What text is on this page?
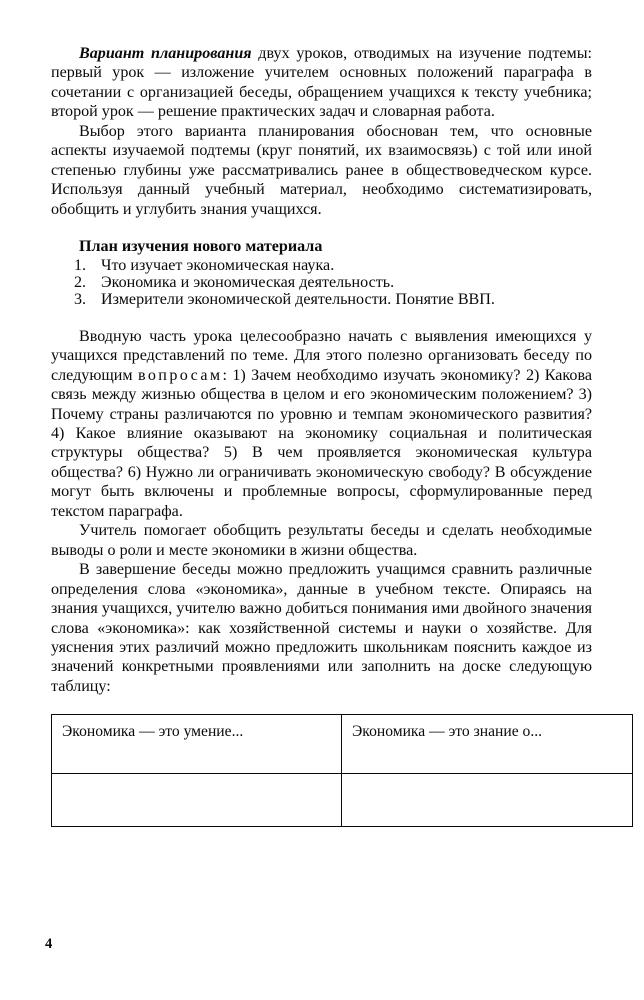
Вариант планирования двух уроков, отводимых на изучение подтемы: первый урок — изложение учителем основных положений параграфа в сочетании с организацией беседы, обращением учащихся к тексту учебника; второй урок — решение практических задач и словарная работа.

Выбор этого варианта планирования обоснован тем, что основные аспекты изучаемой подтемы (круг понятий, их взаимосвязь) с той или иной степенью глубины уже рассматривались ранее в обществоведческом курсе. Используя данный учебный материал, необходимо систематизировать, обобщить и углубить знания учащихся.

План изучения нового материала
1. Что изучает экономическая наука.
2. Экономика и экономическая деятельность.
3. Измерители экономической деятельности. Понятие ВВП.

Вводную часть урока целесообразно начать с выявления имеющихся у учащихся представлений по теме. Для этого полезно организовать беседу по следующим вопросам: 1) Зачем необходимо изучать экономику? 2) Какова связь между жизнью общества в целом и его экономическим положением? 3) Почему страны различаются по уровню и темпам экономического развития? 4) Какое влияние оказывают на экономику социальная и политическая структуры общества? 5) В чем проявляется экономическая культура общества? 6) Нужно ли ограничивать экономическую свободу? В обсуждение могут быть включены и проблемные вопросы, сформулированные перед текстом параграфа.

Учитель помогает обобщить результаты беседы и сделать необходимые выводы о роли и месте экономики в жизни общества.

В завершение беседы можно предложить учащимся сравнить различные определения слова «экономика», данные в учебном тексте. Опираясь на знания учащихся, учителю важно добиться понимания ими двойного значения слова «экономика»: как хозяйственной системы и науки о хозяйстве. Для уяснения этих различий можно предложить школьникам пояснить каждое из значений конкретными проявлениями или заполнить на доске следующую таблицу:

Экономика — это умение...	Экономика — это знание о...

4
